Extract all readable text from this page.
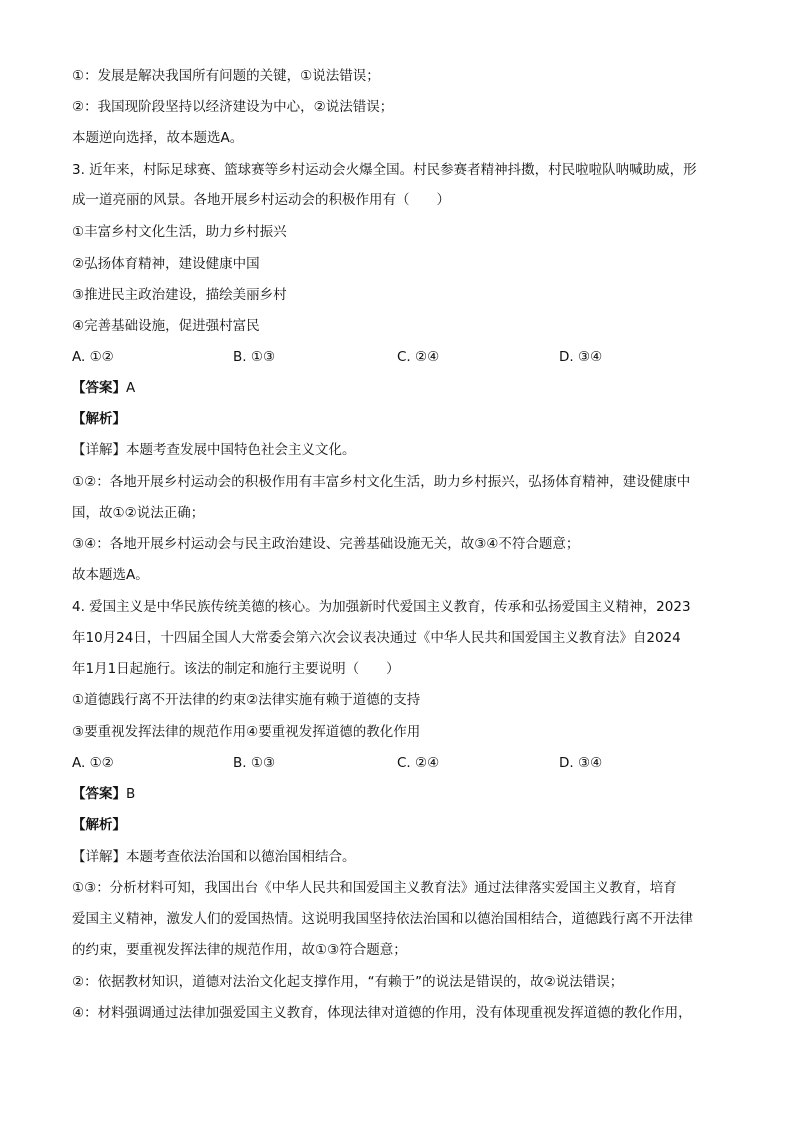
①：发展是解决我国所有问题的关键，①说法错误；
②：我国现阶段坚持以经济建设为中心，②说法错误；
本题逆向选择，故本题选A。
3. 近年来，村际足球赛、篮球赛等乡村运动会火爆全国。村民参赛者精神抖擞，村民啦啦队呐喊助威，形
成一道亮丽的风景。各地开展乡村运动会的积极作用有（　　）
①丰富乡村文化生活，助力乡村振兴
②弘扬体育精神，建设健康中国
③推进民主政治建设，描绘美丽乡村
④完善基础设施，促进强村富民
A. ①②	B. ①③	C. ②④	D. ③④
【答案】A
【解析】
【详解】本题考查发展中国特色社会主义文化。
①②：各地开展乡村运动会的积极作用有丰富乡村文化生活，助力乡村振兴，弘扬体育精神，建设健康中
国，故①②说法正确；
③④：各地开展乡村运动会与民主政治建设、完善基础设施无关，故③④不符合题意；
故本题选A。
4. 爱国主义是中华民族传统美德的核心。为加强新时代爱国主义教育，传承和弘扬爱国主义精神，2023
年10月24日，十四届全国人大常委会第六次会议表决通过《中华人民共和国爱国主义教育法》自2024
年1月1日起施行。该法的制定和施行主要说明（　　）
①道德践行离不开法律的约束②法律实施有赖于道德的支持
③要重视发挥法律的规范作用④要重视发挥道德的教化作用
A. ①②	B. ①③	C. ②④	D. ③④
【答案】B
【解析】
【详解】本题考查依法治国和以德治国相结合。
①③：分析材料可知，我国出台《中华人民共和国爱国主义教育法》通过法律落实爱国主义教育，培育
爱国主义精神，激发人们的爱国热情。这说明我国坚持依法治国和以德治国相结合，道德践行离不开法律
的约束，要重视发挥法律的规范作用，故①③符合题意；
②：依据教材知识，道德对法治文化起支撑作用，“有赖于”的说法是错误的，故②说法错误；
④：材料强调通过法律加强爱国主义教育，体现法律对道德的作用，没有体现重视发挥道德的教化作用，
